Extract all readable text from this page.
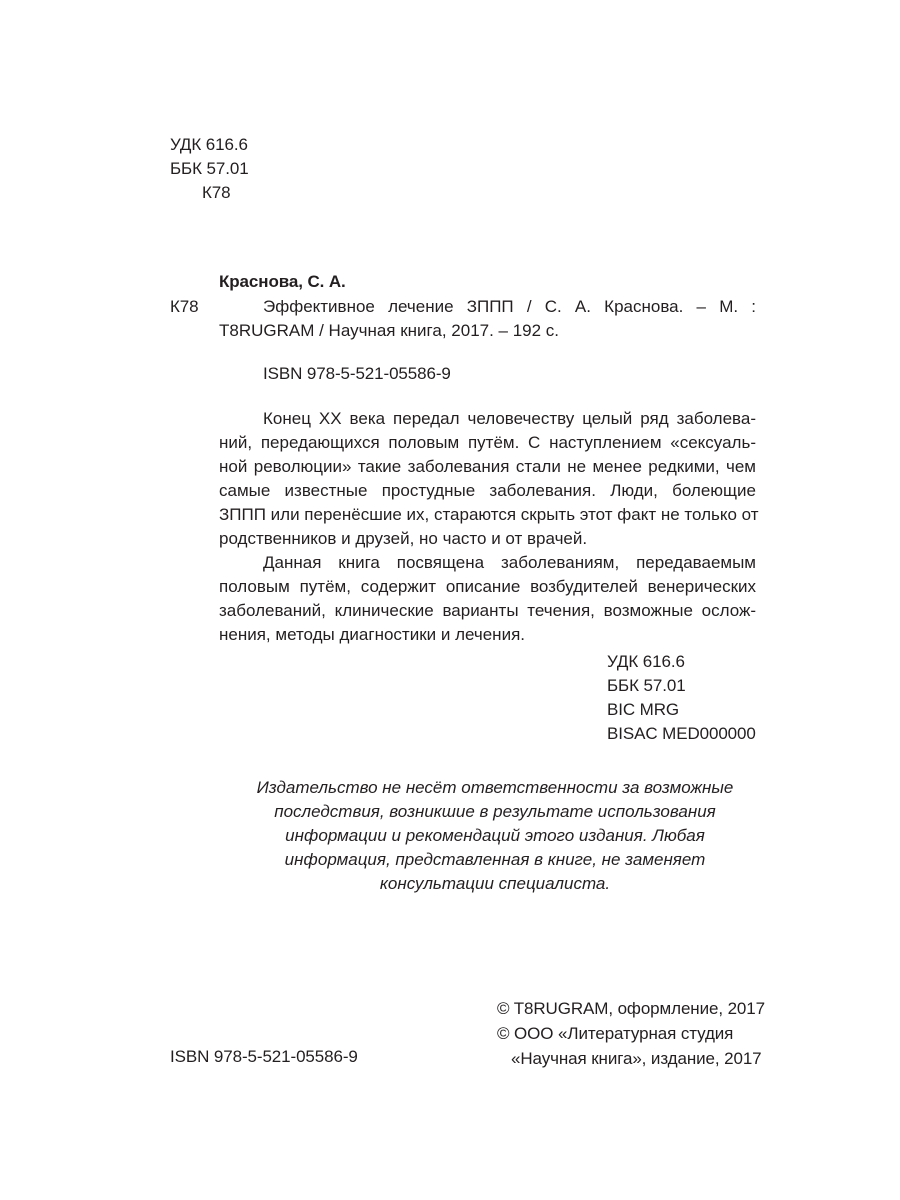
УДК 616.6
ББК 57.01
К78
Краснова, С. А.
К78	Эффективное лечение ЗППП / С. А. Краснова. – М. :
T8RUGRAM / Научная книга, 2017. – 192 с.
ISBN 978-5-521-05586-9
Конец XX века передал человечеству целый ряд заболева-
ний, передающихся половым путём. С наступлением «сексуаль-
ной революции» такие заболевания стали не менее редкими, чем
самые известные простудные заболевания. Люди, болеющие
ЗППП или перенёсшие их, стараются скрыть этот факт не только от
родственников и друзей, но часто и от врачей.
Данная книга посвящена заболеваниям, передаваемым
половым путём, содержит описание возбудителей венерических
заболеваний, клинические варианты течения, возможные ослож-
нения, методы диагностики и лечения.
УДК 616.6
ББК 57.01
BIC MRG
BISAC MED000000
Издательство не несёт ответственности за возможные
последствия, возникшие в результате использования
информации и рекомендаций этого издания. Любая
информация, представленная в книге, не заменяет
консультации специалиста.
© T8RUGRAM, оформление, 2017
© ООО «Литературная студия
«Научная книга», издание, 2017
ISBN 978-5-521-05586-9
